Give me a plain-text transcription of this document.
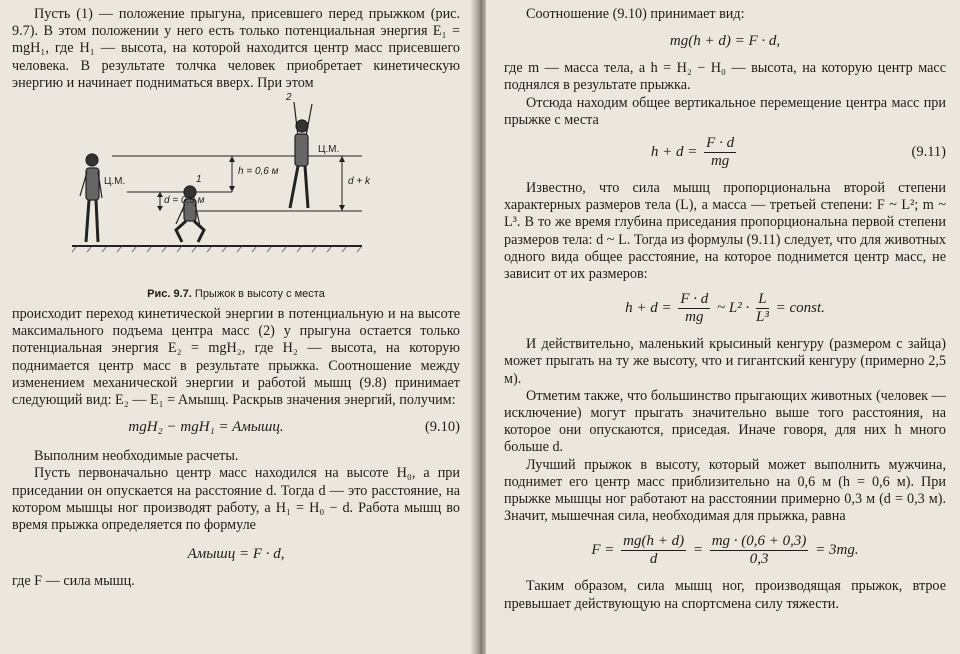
Пусть (1) — положение прыгуна, присевшего перед прыжком (рис. 9.7). В этом положении у него есть только потенциальная энергия E₁ = mgH₁, где H₁ — высота, на которой находится центр масс присевшего человека. В результате толчка человек приобретает кинетическую энергию и начинает подниматься вверх. При этом

Ц.М.
Ц.М.
1
2
h = 0,6 м
d = 0,3 м
d + k
Рис. 9.7. Прыжок в высоту с места

происходит переход кинетической энергии в потенциальную и на высоте максимального подъема центра масс (2) у прыгуна остается только потенциальная энергия E₂ = mgH₂, где H₂ — высота, на которую поднимается центр масс в результате прыжка. Соотношение между изменением механической энергии и работой мышц (9.8) принимает следующий вид: E₂ — E₁ = Aмышц. Раскрыв значения энергий, получим:

mgH₂ − mgH₁ = Aмышц.	(9.10)

Выполним необходимые расчеты.

Пусть первоначально центр масс находился на высоте H₀, а при приседании он опускается на расстояние d. Тогда d — это расстояние, на котором мышцы ног производят работу, а H₁ = H₀ − d. Работа мышц во время прыжка определяется по формуле

Aмышц = F · d,

где F — сила мышц.

Соотношение (9.10) принимает вид:

mg(h + d) = F · d,

где m — масса тела, а h = H₂ − H₀ — высота, на которую центр масс поднялся в результате прыжка.

Отсюда находим общее вертикальное перемещение центра масс при прыжке с места

$h + d = \frac{F \cdot d}{mg}$	(9.11)

Известно, что сила мышц пропорциональна второй степени характерных размеров тела (L), а масса — третьей степени: F ~ L²; m ~ L³. В то же время глубина приседания пропорциональна первой степени размеров тела: d ~ L. Тогда из формулы (9.11) следует, что для животных одного вида общее расстояние, на которое поднимется центр масс, не зависит от их размеров:

$h + d = \frac{F \cdot d}{mg}$ ~ $L^2 \cdot \frac{L}{\text{L³}}$ = const.

И действительно, маленький крысиный кенгуру (размером с зайца) может прыгать на ту же высоту, что и гигантский кенгуру (примерно 2,5 м).

Отметим также, что большинство прыгающих животных (человек — исключение) могут прыгать значительно выше того расстояния, на которое они опускаются, приседая. Иначе говоря, для них h много больше d.

Лучший прыжок в высоту, который может выполнить мужчина, поднимет его центр масс приблизительно на 0,6 м (h = 0,6 м). При прыжке мышцы ног работают на расстоянии примерно 0,3 м (d = 0,3 м). Значит, мышечная сила, необходимая для прыжка, равна

$F = \frac{mg(h + d)}{d} = \frac{mg \cdot (0,6 + 0,3)}{0,3} = 3mg$.

Таким образом, сила мышц ног, производящая прыжок, втрое превышает действующую на спортсмена силу тяжести.
